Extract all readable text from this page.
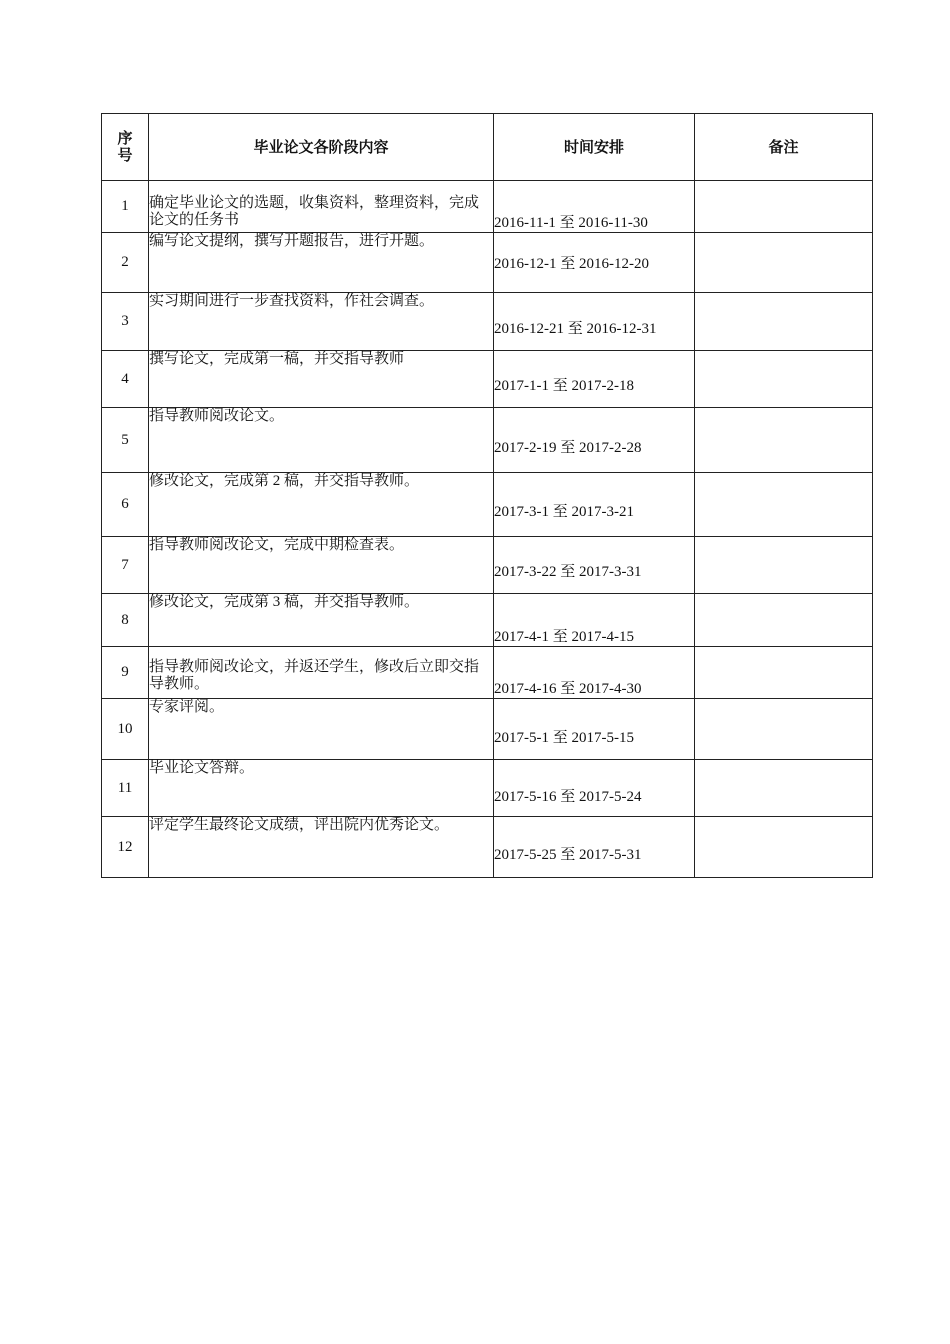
序号	毕业论文各阶段内容	时间安排	备注
1	确定毕业论文的选题，收集资料，整理资料，完成论文的任务书	2016-11-1 至 2016-11-30	
2	编写论文提纲，撰写开题报告，进行开题。	2016-12-1 至 2016-12-20	
3	实习期间进行一步查找资料，作社会调查。	2016-12-21 至 2016-12-31	
4	撰写论文，完成第一稿，并交指导教师	2017-1-1 至 2017-2-18	
5	指导教师阅改论文。	2017-2-19 至 2017-2-28	
6	修改论文，完成第 2 稿，并交指导教师。	2017-3-1 至 2017-3-21	
7	指导教师阅改论文，完成中期检查表。	2017-3-22 至 2017-3-31	
8	修改论文，完成第 3 稿，并交指导教师。	2017-4-1 至 2017-4-15	
9	指导教师阅改论文，并返还学生，修改后立即交指导教师。	2017-4-16 至 2017-4-30	
10	专家评阅。	2017-5-1 至 2017-5-15	
11	毕业论文答辩。	2017-5-16 至 2017-5-24	
12	评定学生最终论文成绩，评出院内优秀论文。	2017-5-25 至 2017-5-31	
